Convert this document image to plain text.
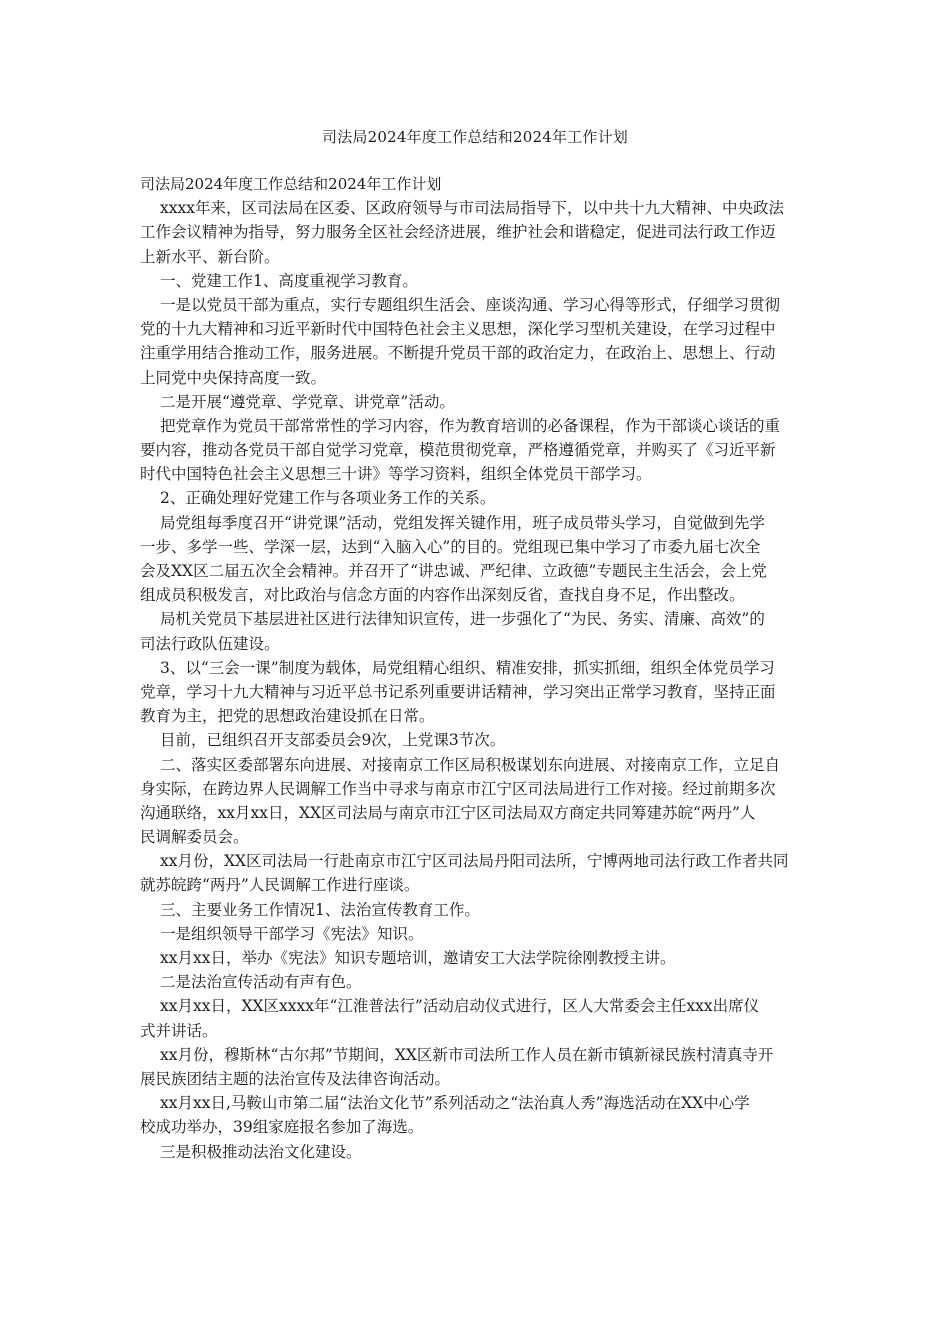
司法局2024年度工作总结和2024年工作计划
司法局2024年度工作总结和2024年工作计划
xxxx年来，区司法局在区委、区政府领导与市司法局指导下，以中共十九大精神、中央政法
工作会议精神为指导，努力服务全区社会经济进展，维护社会和谐稳定，促进司法行政工作迈
上新水平、新台阶。
一、党建工作1、高度重视学习教育。
一是以党员干部为重点，实行专题组织生活会、座谈沟通、学习心得等形式，仔细学习贯彻
党的十九大精神和习近平新时代中国特色社会主义思想，深化学习型机关建设，在学习过程中
注重学用结合推动工作，服务进展。不断提升党员干部的政治定力，在政治上、思想上、行动
上同党中央保持高度一致。
二是开展“遵党章、学党章、讲党章”活动。
把党章作为党员干部常常性的学习内容，作为教育培训的必备课程，作为干部谈心谈话的重
要内容，推动各党员干部自觉学习党章，模范贯彻党章，严格遵循党章，并购买了《习近平新
时代中国特色社会主义思想三十讲》等学习资料，组织全体党员干部学习。
2、正确处理好党建工作与各项业务工作的关系。
局党组每季度召开“讲党课”活动，党组发挥关键作用，班子成员带头学习，自觉做到先学
一步、多学一些、学深一层，达到“入脑入心”的目的。党组现已集中学习了市委九届七次全
会及XX区二届五次全会精神。并召开了“讲忠诚、严纪律、立政德”专题民主生活会，会上党
组成员积极发言，对比政治与信念方面的内容作出深刻反省，查找自身不足，作出整改。
局机关党员下基层进社区进行法律知识宣传，进一步强化了“为民、务实、清廉、高效”的
司法行政队伍建设。
3、以“三会一课”制度为载体，局党组精心组织、精准安排，抓实抓细，组织全体党员学习
党章，学习十九大精神与习近平总书记系列重要讲话精神，学习突出正常学习教育，坚持正面
教育为主，把党的思想政治建设抓在日常。
目前，已组织召开支部委员会9次，上党课3节次。
二、落实区委部署东向进展、对接南京工作区局积极谋划东向进展、对接南京工作，立足自
身实际，在跨边界人民调解工作当中寻求与南京市江宁区司法局进行工作对接。经过前期多次
沟通联络，xx月xx日，XX区司法局与南京市江宁区司法局双方商定共同筹建苏皖“两丹”人
民调解委员会。
xx月份，XX区司法局一行赴南京市江宁区司法局丹阳司法所，宁博两地司法行政工作者共同
就苏皖跨“两丹”人民调解工作进行座谈。
三、主要业务工作情况1、法治宣传教育工作。
一是组织领导干部学习《宪法》知识。
xx月xx日，举办《宪法》知识专题培训，邀请安工大法学院徐刚教授主讲。
二是法治宣传活动有声有色。
xx月xx日，XX区xxxx年“江淮普法行”活动启动仪式进行，区人大常委会主任xxx出席仪
式并讲话。
xx月份，穆斯林“古尔邦”节期间，XX区新市司法所工作人员在新市镇新禄民族村清真寺开
展民族团结主题的法治宣传及法律咨询活动。
xx月xx日,马鞍山市第二届“法治文化节”系列活动之“法治真人秀”海选活动在XX中心学
校成功举办，39组家庭报名参加了海选。
三是积极推动法治文化建设。
